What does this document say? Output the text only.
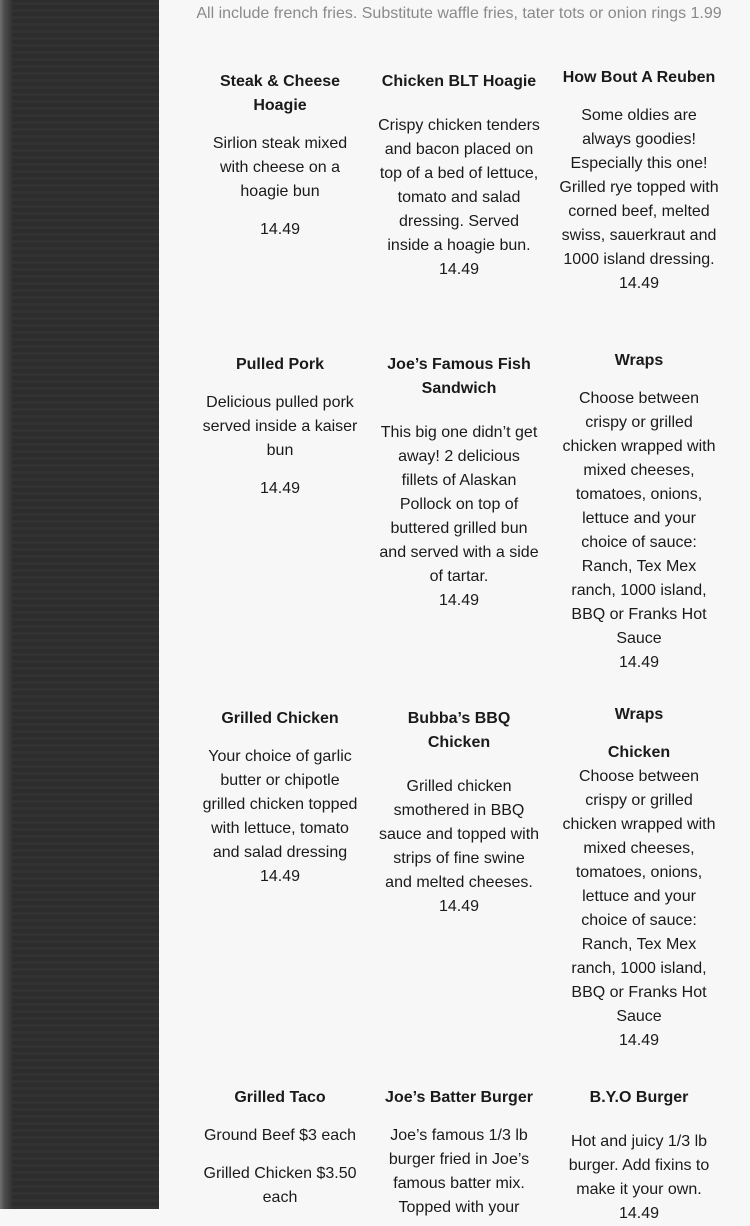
All include french fries. Substitute waffle fries, tater tots or onion rings 1.99

Steak & Cheese Hoagie

Sirlion steak mixed with cheese on a hoagie bun

14.49

Chicken BLT Hoagie

Crispy chicken tenders and bacon placed on top of a bed of lettuce, tomato and salad dressing. Served inside a hoagie bun.

14.49

How Bout A Reuben

Some oldies are always goodies! Especially this one! Grilled rye topped with corned beef, melted swiss, sauerkraut and 1000 island dressing.

14.49

Pulled Pork

Delicious pulled pork served inside a kaiser bun

14.49

Joe’s Famous Fish Sandwich

This big one didn’t get away! 2 delicious fillets of Alaskan Pollock on top of buttered grilled bun and served with a side of tartar.

14.49

Wraps

Choose between crispy or grilled chicken wrapped with mixed cheeses, tomatoes, onions, lettuce and your choice of sauce: Ranch, Tex Mex ranch, 1000 island, BBQ or Franks Hot Sauce

14.49

Grilled Chicken

Your choice of garlic butter or chipotle grilled chicken topped with lettuce, tomato and salad dressing

14.49

Bubba’s BBQ Chicken

Grilled chicken smothered in BBQ sauce and topped with strips of fine swine and melted cheeses.

14.49

Wraps

Chicken

Choose between crispy or grilled chicken wrapped with mixed cheeses, tomatoes, onions, lettuce and your choice of sauce: Ranch, Tex Mex ranch, 1000 island, BBQ or Franks Hot Sauce

14.49

Grilled Taco

Ground Beef $3 each

Grilled Chicken $3.50 each

Joe’s Batter Burger

Joe’s famous 1/3 lb burger fried in Joe’s famous batter mix. Topped with your

B.Y.O Burger

Hot and juicy 1/3 lb burger. Add fixins to make it your own.

14.49
